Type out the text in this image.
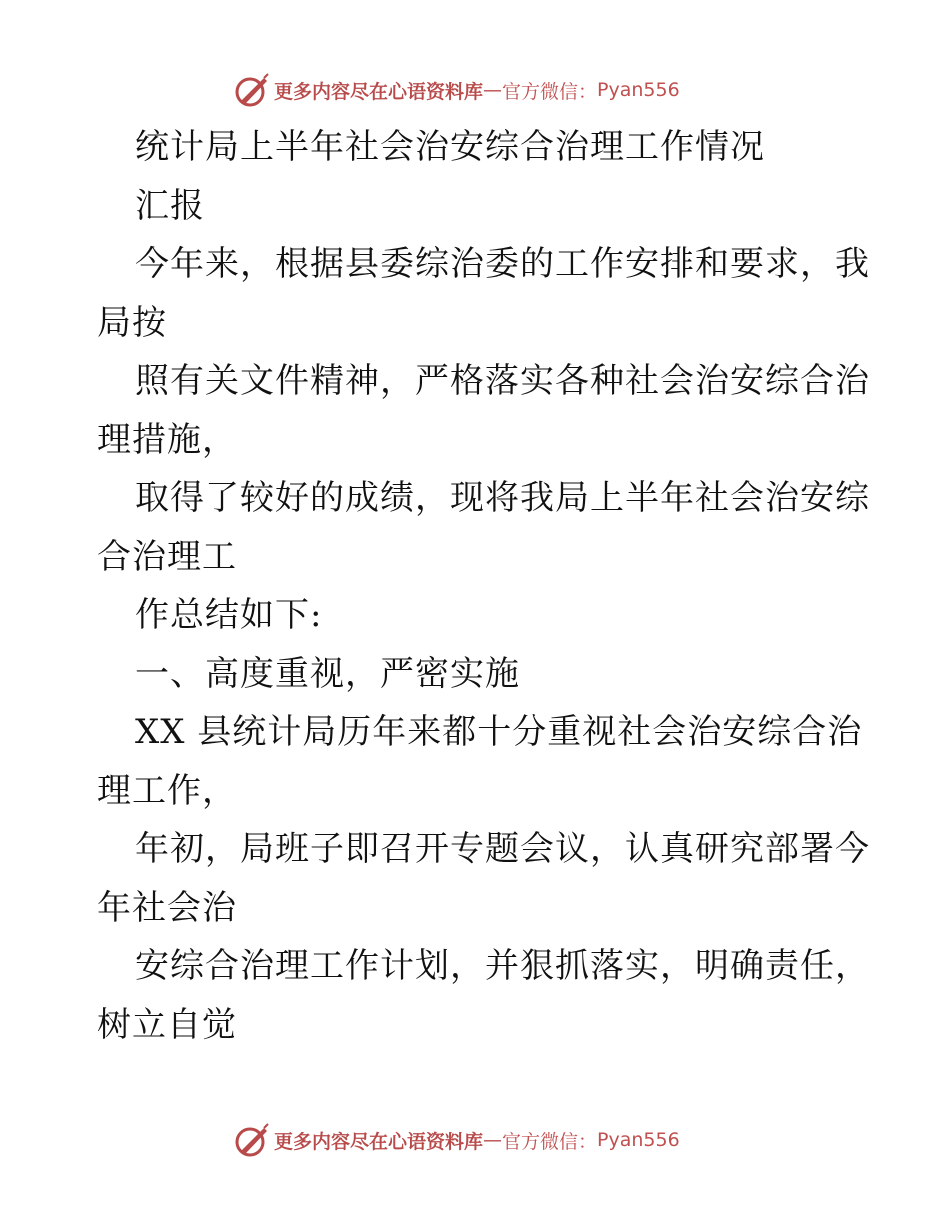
更多内容尽在心语资料库 — 官方微信： Pyan556
统计局上半年社会治安综合治理工作情况
汇报
今年来，根据县委综治委的工作安排和要求，我
局按
照有关文件精神，严格落实各种社会治安综合治
理措施，
取得了较好的成绩，现将我局上半年社会治安综
合治理工
作总结如下:
一、高度重视，严密实施
XX 县统计局历年来都十分重视社会治安综合治
理工作，
年初，局班子即召开专题会议，认真研究部署今
年社会治
安综合治理工作计划，并狠抓落实，明确责任，
树立自觉
更多内容尽在心语资料库 — 官方微信： Pyan556
